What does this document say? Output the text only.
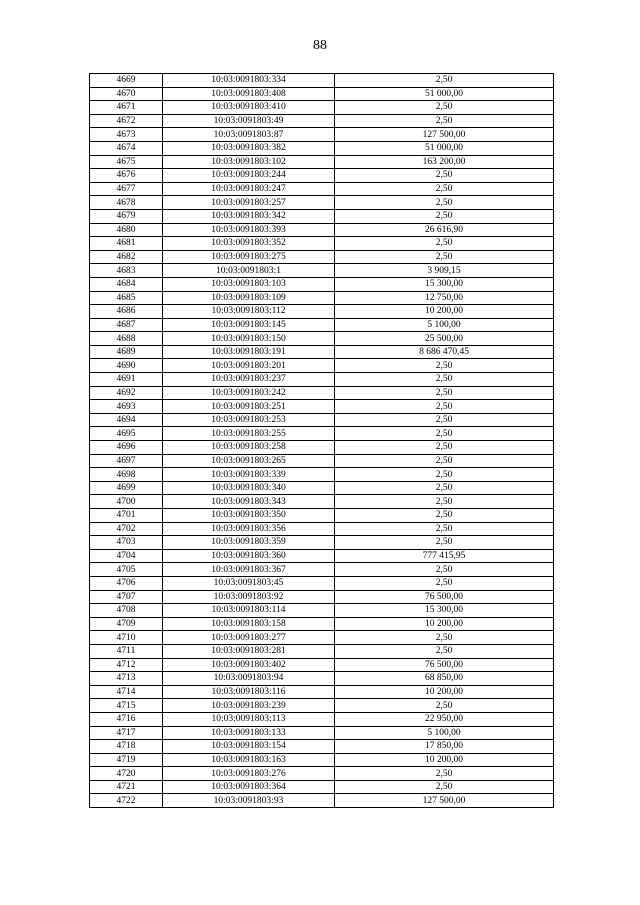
88
4669	10:03:0091803:334	2,50
4670	10:03:0091803:408	51 000,00
4671	10:03:0091803:410	2,50
4672	10:03:0091803:49	2,50
4673	10:03:0091803:87	127 500,00
4674	10:03:0091803:382	51 000,00
4675	10:03:0091803:102	163 200,00
4676	10:03:0091803:244	2,50
4677	10:03:0091803:247	2,50
4678	10:03:0091803:257	2,50
4679	10:03:0091803:342	2,50
4680	10:03:0091803:393	26 616,90
4681	10:03:0091803:352	2,50
4682	10:03:0091803:275	2,50
4683	10:03:0091803:1	3 909,15
4684	10:03:0091803:103	15 300,00
4685	10:03:0091803:109	12 750,00
4686	10:03:0091803:112	10 200,00
4687	10:03:0091803:145	5 100,00
4688	10:03:0091803:150	25 500,00
4689	10:03:0091803:191	8 686 470,45
4690	10:03:0091803:201	2,50
4691	10:03:0091803:237	2,50
4692	10:03:0091803:242	2,50
4693	10:03:0091803:251	2,50
4694	10:03:0091803:253	2,50
4695	10:03:0091803:255	2,50
4696	10:03:0091803:258	2,50
4697	10:03:0091803:265	2,50
4698	10:03:0091803:339	2,50
4699	10:03:0091803:340	2,50
4700	10:03:0091803:343	2,50
4701	10:03:0091803:350	2,50
4702	10:03:0091803:356	2,50
4703	10:03:0091803:359	2,50
4704	10:03:0091803:360	777 415,95
4705	10:03:0091803:367	2,50
4706	10:03:0091803:45	2,50
4707	10:03:0091803:92	76 500,00
4708	10:03:0091803:114	15 300,00
4709	10:03:0091803:158	10 200,00
4710	10:03:0091803:277	2,50
4711	10:03:0091803:281	2,50
4712	10:03:0091803:402	76 500,00
4713	10:03:0091803:94	68 850,00
4714	10:03:0091803:116	10 200,00
4715	10:03:0091803:239	2,50
4716	10:03:0091803:113	22 950,00
4717	10:03:0091803:133	5 100,00
4718	10:03:0091803:154	17 850,00
4719	10:03:0091803:163	10 200,00
4720	10:03:0091803:276	2,50
4721	10:03:0091803:364	2,50
4722	10:03:0091803:93	127 500,00
